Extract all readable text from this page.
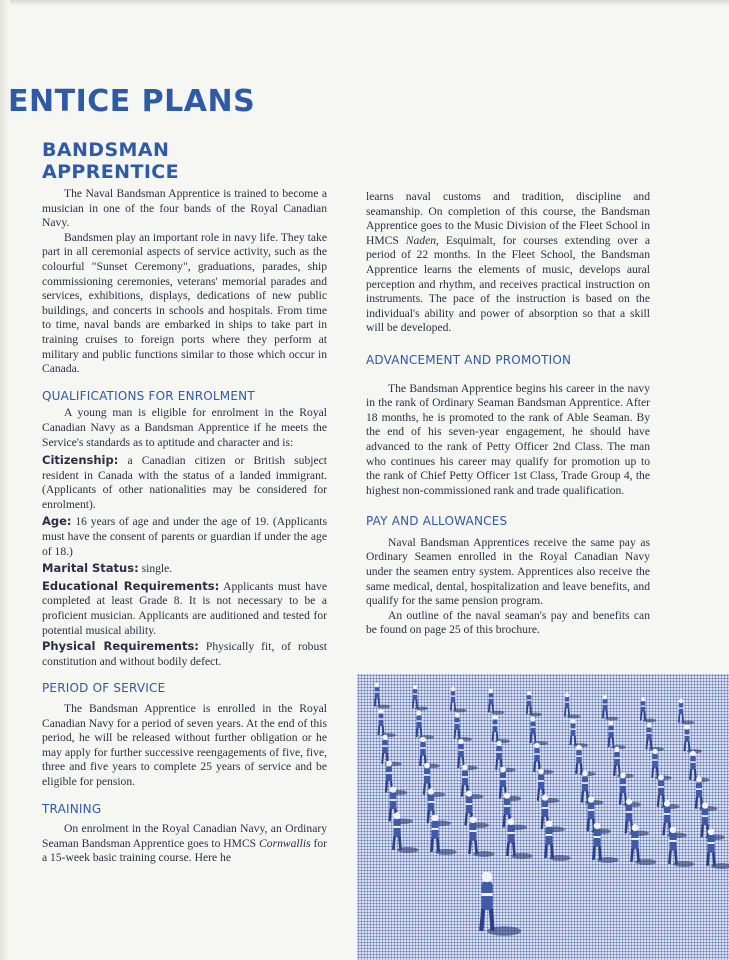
ENTICE PLANS
BANDSMAN
APPRENTICE

The Naval Bandsman Apprentice is trained to become a musician in one of the four bands of the Royal Canadian Navy.

Bandsmen play an important role in navy life. They take part in all ceremonial aspects of service activity, such as the colourful "Sunset Ceremony", graduations, parades, ship commissioning ceremonies, veterans' memorial parades and services, exhibitions, displays, dedications of new public buildings, and concerts in schools and hospitals. From time to time, naval bands are embarked in ships to take part in training cruises to foreign ports where they perform at military and public functions similar to those which occur in Canada.

QUALIFICATIONS FOR ENROLMENT

A young man is eligible for enrolment in the Royal Canadian Navy as a Bandsman Apprentice if he meets the Service's standards as to aptitude and character and is:

Citizenship: a Canadian citizen or British subject resident in Canada with the status of a landed immigrant. (Applicants of other nationalities may be considered for enrolment).

Age: 16 years of age and under the age of 19. (Applicants must have the consent of parents or guardian if under the age of 18.)

Marital Status: single.

Educational Requirements: Applicants must have completed at least Grade 8. It is not necessary to be a proficient musician. Applicants are auditioned and tested for potential musical ability.

Physical Requirements: Physically fit, of robust constitution and without bodily defect.

PERIOD OF SERVICE

The Bandsman Apprentice is enrolled in the Royal Canadian Navy for a period of seven years. At the end of this period, he will be released without further obligation or he may apply for further successive reengagements of five, five, three and five years to complete 25 years of service and be eligible for pension.

TRAINING

On enrolment in the Royal Canadian Navy, an Ordinary Seaman Bandsman Apprentice goes to HMCS Cornwallis for a 15-week basic training course. Here he

learns naval customs and tradition, discipline and seamanship. On completion of this course, the Bandsman Apprentice goes to the Music Division of the Fleet School in HMCS Naden, Esquimalt, for courses extending over a period of 22 months. In the Fleet School, the Bandsman Apprentice learns the elements of music, develops aural perception and rhythm, and receives practical instruction on instruments. The pace of the instruction is based on the individual's ability and power of absorption so that a skill will be developed.

ADVANCEMENT AND PROMOTION

The Bandsman Apprentice begins his career in the navy in the rank of Ordinary Seaman Bandsman Apprentice. After 18 months, he is promoted to the rank of Able Seaman. By the end of his seven-year engagement, he should have advanced to the rank of Petty Officer 2nd Class. The man who continues his career may qualify for promotion up to the rank of Chief Petty Officer 1st Class, Trade Group 4, the highest non-commissioned rank and trade qualification.

PAY AND ALLOWANCES

Naval Bandsman Apprentices receive the same pay as Ordinary Seamen enrolled in the Royal Canadian Navy under the seamen entry system. Apprentices also receive the same medical, dental, hospitalization and leave benefits, and qualify for the same pension program.

An outline of the naval seaman's pay and benefits can be found on page 25 of this brochure.
